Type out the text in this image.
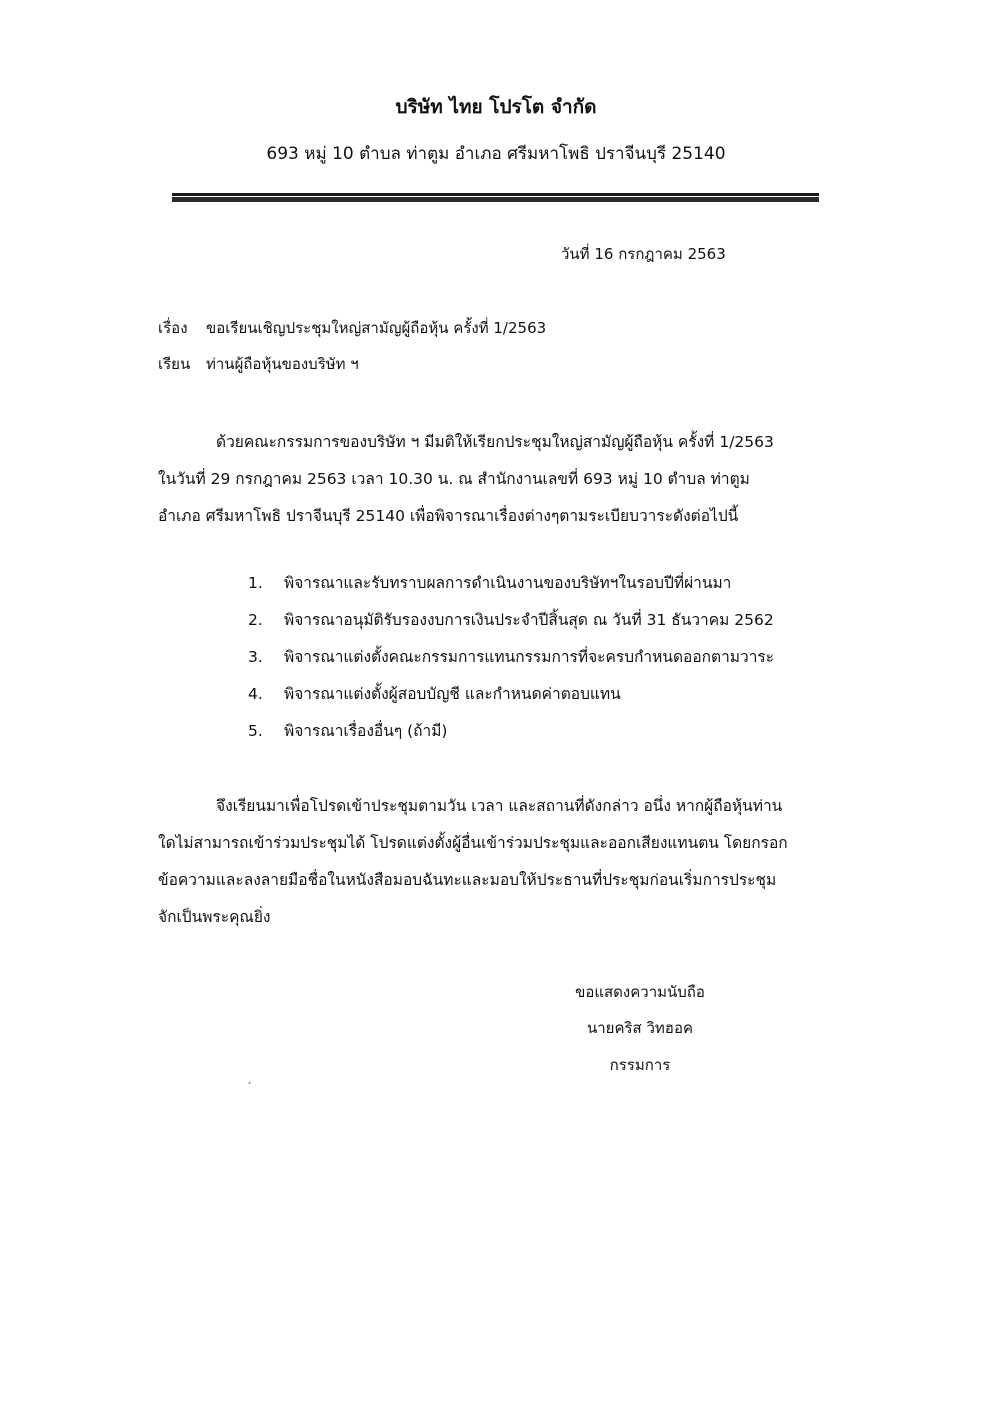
บริษัท ไทย โปรโต จำกัด
693 หมู่ 10 ตำบล ท่าตูม อำเภอ ศรีมหาโพธิ ปราจีนบุรี 25140
วันที่ 16 กรกฎาคม 2563
เรื่อง ขอเรียนเชิญประชุมใหญ่สามัญผู้ถือหุ้น ครั้งที่ 1/2563
เรียน ท่านผู้ถือหุ้นของบริษัท ฯ
ด้วยคณะกรรมการของบริษัท ฯ มีมติให้เรียกประชุมใหญ่สามัญผู้ถือหุ้น ครั้งที่ 1/2563
ในวันที่ 29 กรกฎาคม 2563 เวลา 10.30 น. ณ สำนักงานเลขที่ 693 หมู่ 10 ตำบล ท่าตูม
อำเภอ ศรีมหาโพธิ ปราจีนบุรี 25140 เพื่อพิจารณาเรื่องต่างๆตามระเบียบวาระดังต่อไปนี้
1. พิจารณาและรับทราบผลการดำเนินงานของบริษัทฯในรอบปีที่ผ่านมา
2. พิจารณาอนุมัติรับรองงบการเงินประจำปีสิ้นสุด ณ วันที่ 31 ธันวาคม 2562
3. พิจารณาแต่งตั้งคณะกรรมการแทนกรรมการที่จะครบกำหนดออกตามวาระ
4. พิจารณาแต่งตั้งผู้สอบบัญชี และกำหนดค่าตอบแทน
5. พิจารณาเรื่องอื่นๆ (ถ้ามี)
จึงเรียนมาเพื่อโปรดเข้าประชุมตามวัน เวลา และสถานที่ดังกล่าว อนึ่ง หากผู้ถือหุ้นท่าน
ใดไม่สามารถเข้าร่วมประชุมได้ โปรดแต่งตั้งผู้อื่นเข้าร่วมประชุมและออกเสียงแทนตน โดยกรอก
ข้อความและลงลายมือชื่อในหนังสือมอบฉันทะและมอบให้ประธานที่ประชุมก่อนเริ่มการประชุม
จักเป็นพระคุณยิ่ง
ขอแสดงความนับถือ
นายคริส วิทฮอค
กรรมการ
ˏ
